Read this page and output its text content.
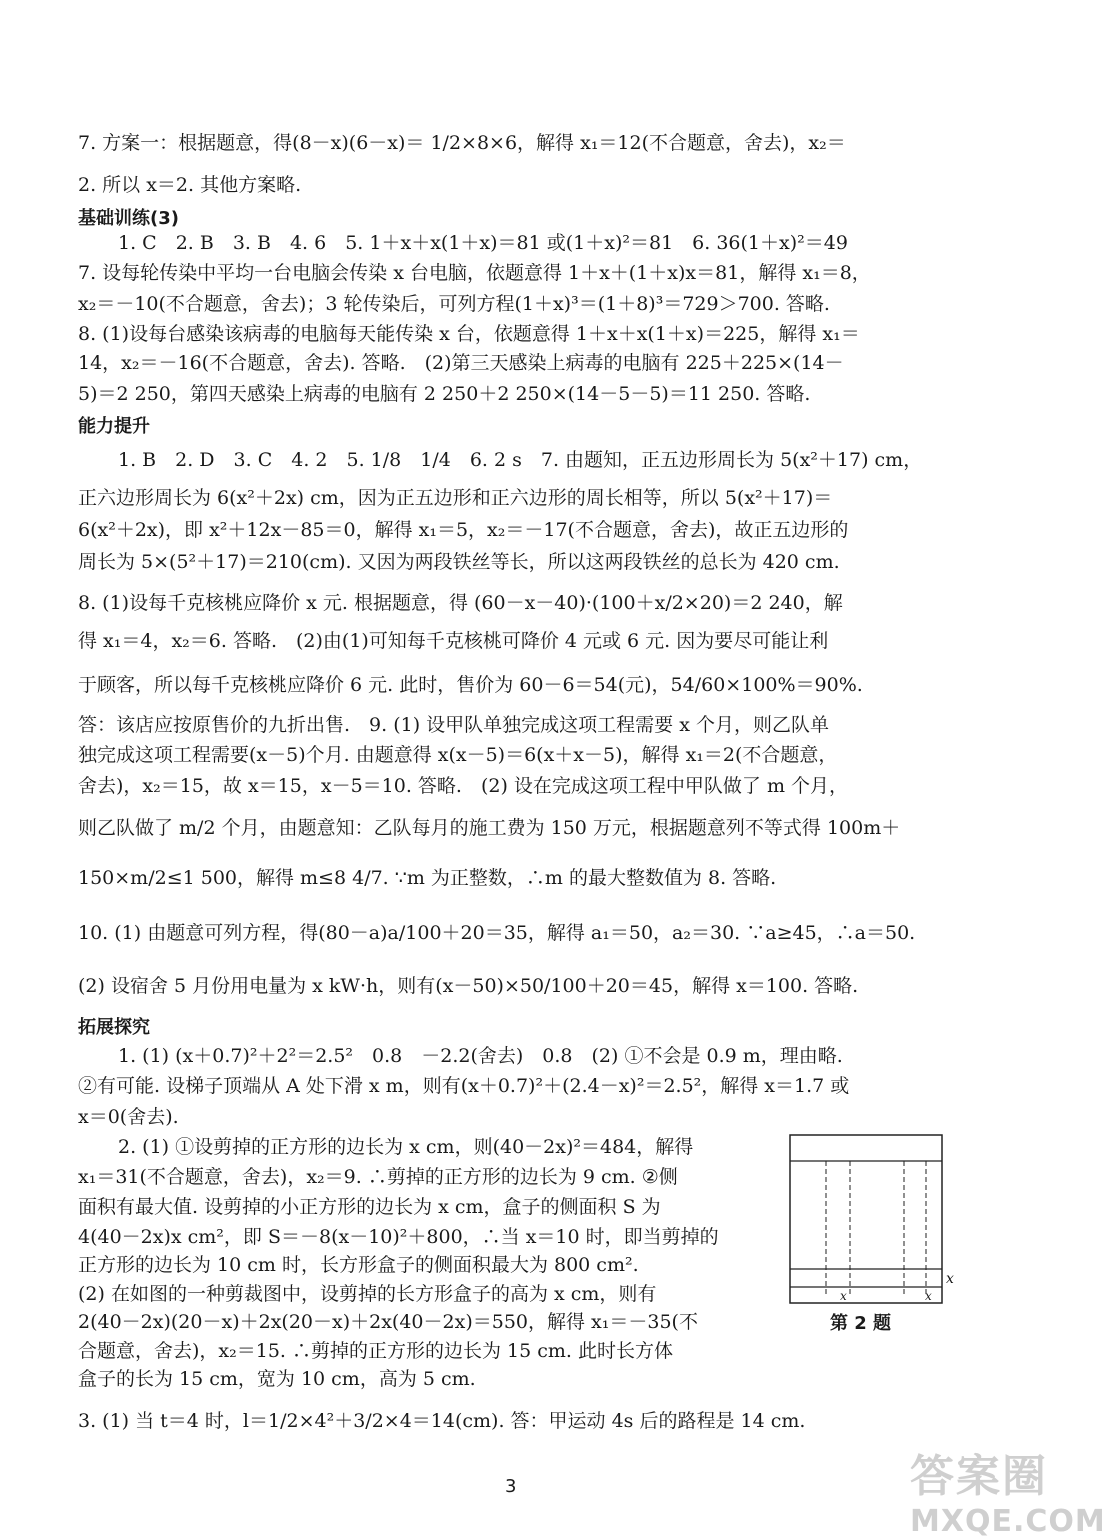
7. 方案一：根据题意，得(8－x)(6－x)＝ 1/2×8×6，解得 x₁＝12(不合题意，舍去)，x₂＝
2. 所以 x＝2. 其他方案略.
基础训练(3)
1. C　2. B　3. B　4. 6　5. 1＋x＋x(1＋x)＝81 或(1＋x)²＝81　6. 36(1＋x)²＝49
7. 设每轮传染中平均一台电脑会传染 x 台电脑，依题意得 1＋x＋(1＋x)x＝81，解得 x₁＝8，
x₂＝－10(不合题意，舍去)；3 轮传染后，可列方程(1＋x)³＝(1＋8)³＝729＞700. 答略.
8. (1)设每台感染该病毒的电脑每天能传染 x 台，依题意得 1＋x＋x(1＋x)＝225，解得 x₁＝
14，x₂＝－16(不合题意，舍去). 答略.　(2)第三天感染上病毒的电脑有 225＋225×(14－
5)＝2 250，第四天感染上病毒的电脑有 2 250＋2 250×(14－5－5)＝11 250. 答略.
能力提升
1. B　2. D　3. C　4. 2　5. 1/8　1/4　6. 2 s　7. 由题知，正五边形周长为 5(x²＋17) cm，
正六边形周长为 6(x²＋2x) cm，因为正五边形和正六边形的周长相等，所以 5(x²＋17)＝
6(x²＋2x)，即 x²＋12x－85＝0，解得 x₁＝5，x₂＝－17(不合题意，舍去)，故正五边形的
周长为 5×(5²＋17)＝210(cm). 又因为两段铁丝等长，所以这两段铁丝的总长为 420 cm.
8. (1)设每千克核桃应降价 x 元. 根据题意，得 (60－x－40)·(100＋x/2×20)＝2 240，解
得 x₁＝4，x₂＝6. 答略.　(2)由(1)可知每千克核桃可降价 4 元或 6 元. 因为要尽可能让利
于顾客，所以每千克核桃应降价 6 元. 此时，售价为 60－6＝54(元)，54/60×100%＝90%.
答：该店应按原售价的九折出售.　9. (1) 设甲队单独完成这项工程需要 x 个月，则乙队单
独完成这项工程需要(x－5)个月. 由题意得 x(x－5)＝6(x＋x－5)，解得 x₁＝2(不合题意，
舍去)，x₂＝15，故 x＝15，x－5＝10. 答略.　(2) 设在完成这项工程中甲队做了 m 个月，
则乙队做了 m/2 个月，由题意知：乙队每月的施工费为 150 万元，根据题意列不等式得 100m＋
150×m/2≤1 500，解得 m≤8 4/7. ∵m 为正整数，∴m 的最大整数值为 8. 答略.
10. (1) 由题意可列方程，得(80－a)a/100＋20＝35，解得 a₁＝50，a₂＝30. ∵a≥45，∴a＝50.
(2) 设宿舍 5 月份用电量为 x kW·h，则有(x－50)×50/100＋20＝45，解得 x＝100. 答略.
拓展探究
1. (1) (x＋0.7)²＋2²＝2.5²　0.8　－2.2(舍去)　0.8　(2) ①不会是 0.9 m，理由略.
②有可能. 设梯子顶端从 A 处下滑 x m，则有(x＋0.7)²＋(2.4－x)²＝2.5²，解得 x＝1.7 或
x＝0(舍去).
2. (1) ①设剪掉的正方形的边长为 x cm，则(40－2x)²＝484，解得
x₁＝31(不合题意，舍去)，x₂＝9. ∴剪掉的正方形的边长为 9 cm. ②侧
面积有最大值. 设剪掉的小正方形的边长为 x cm，盒子的侧面积 S 为
4(40－2x)x cm²，即 S＝－8(x－10)²＋800，∴当 x＝10 时，即当剪掉的
正方形的边长为 10 cm 时，长方形盒子的侧面积最大为 800 cm².
(2) 在如图的一种剪裁图中，设剪掉的长方形盒子的高为 x cm，则有
2(40－2x)(20－x)＋2x(20－x)＋2x(40－2x)＝550，解得 x₁＝－35(不
合题意，舍去)，x₂＝15. ∴剪掉的正方形的边长为 15 cm. 此时长方体
盒子的长为 15 cm，宽为 10 cm，高为 5 cm.
3. (1) 当 t＝4 时，l＝1/2×4²＋3/2×4＝14(cm). 答：甲运动 4s 后的路程是 14 cm.
x
x	x
第 2 题
3	答案圈
MXQE.COM
